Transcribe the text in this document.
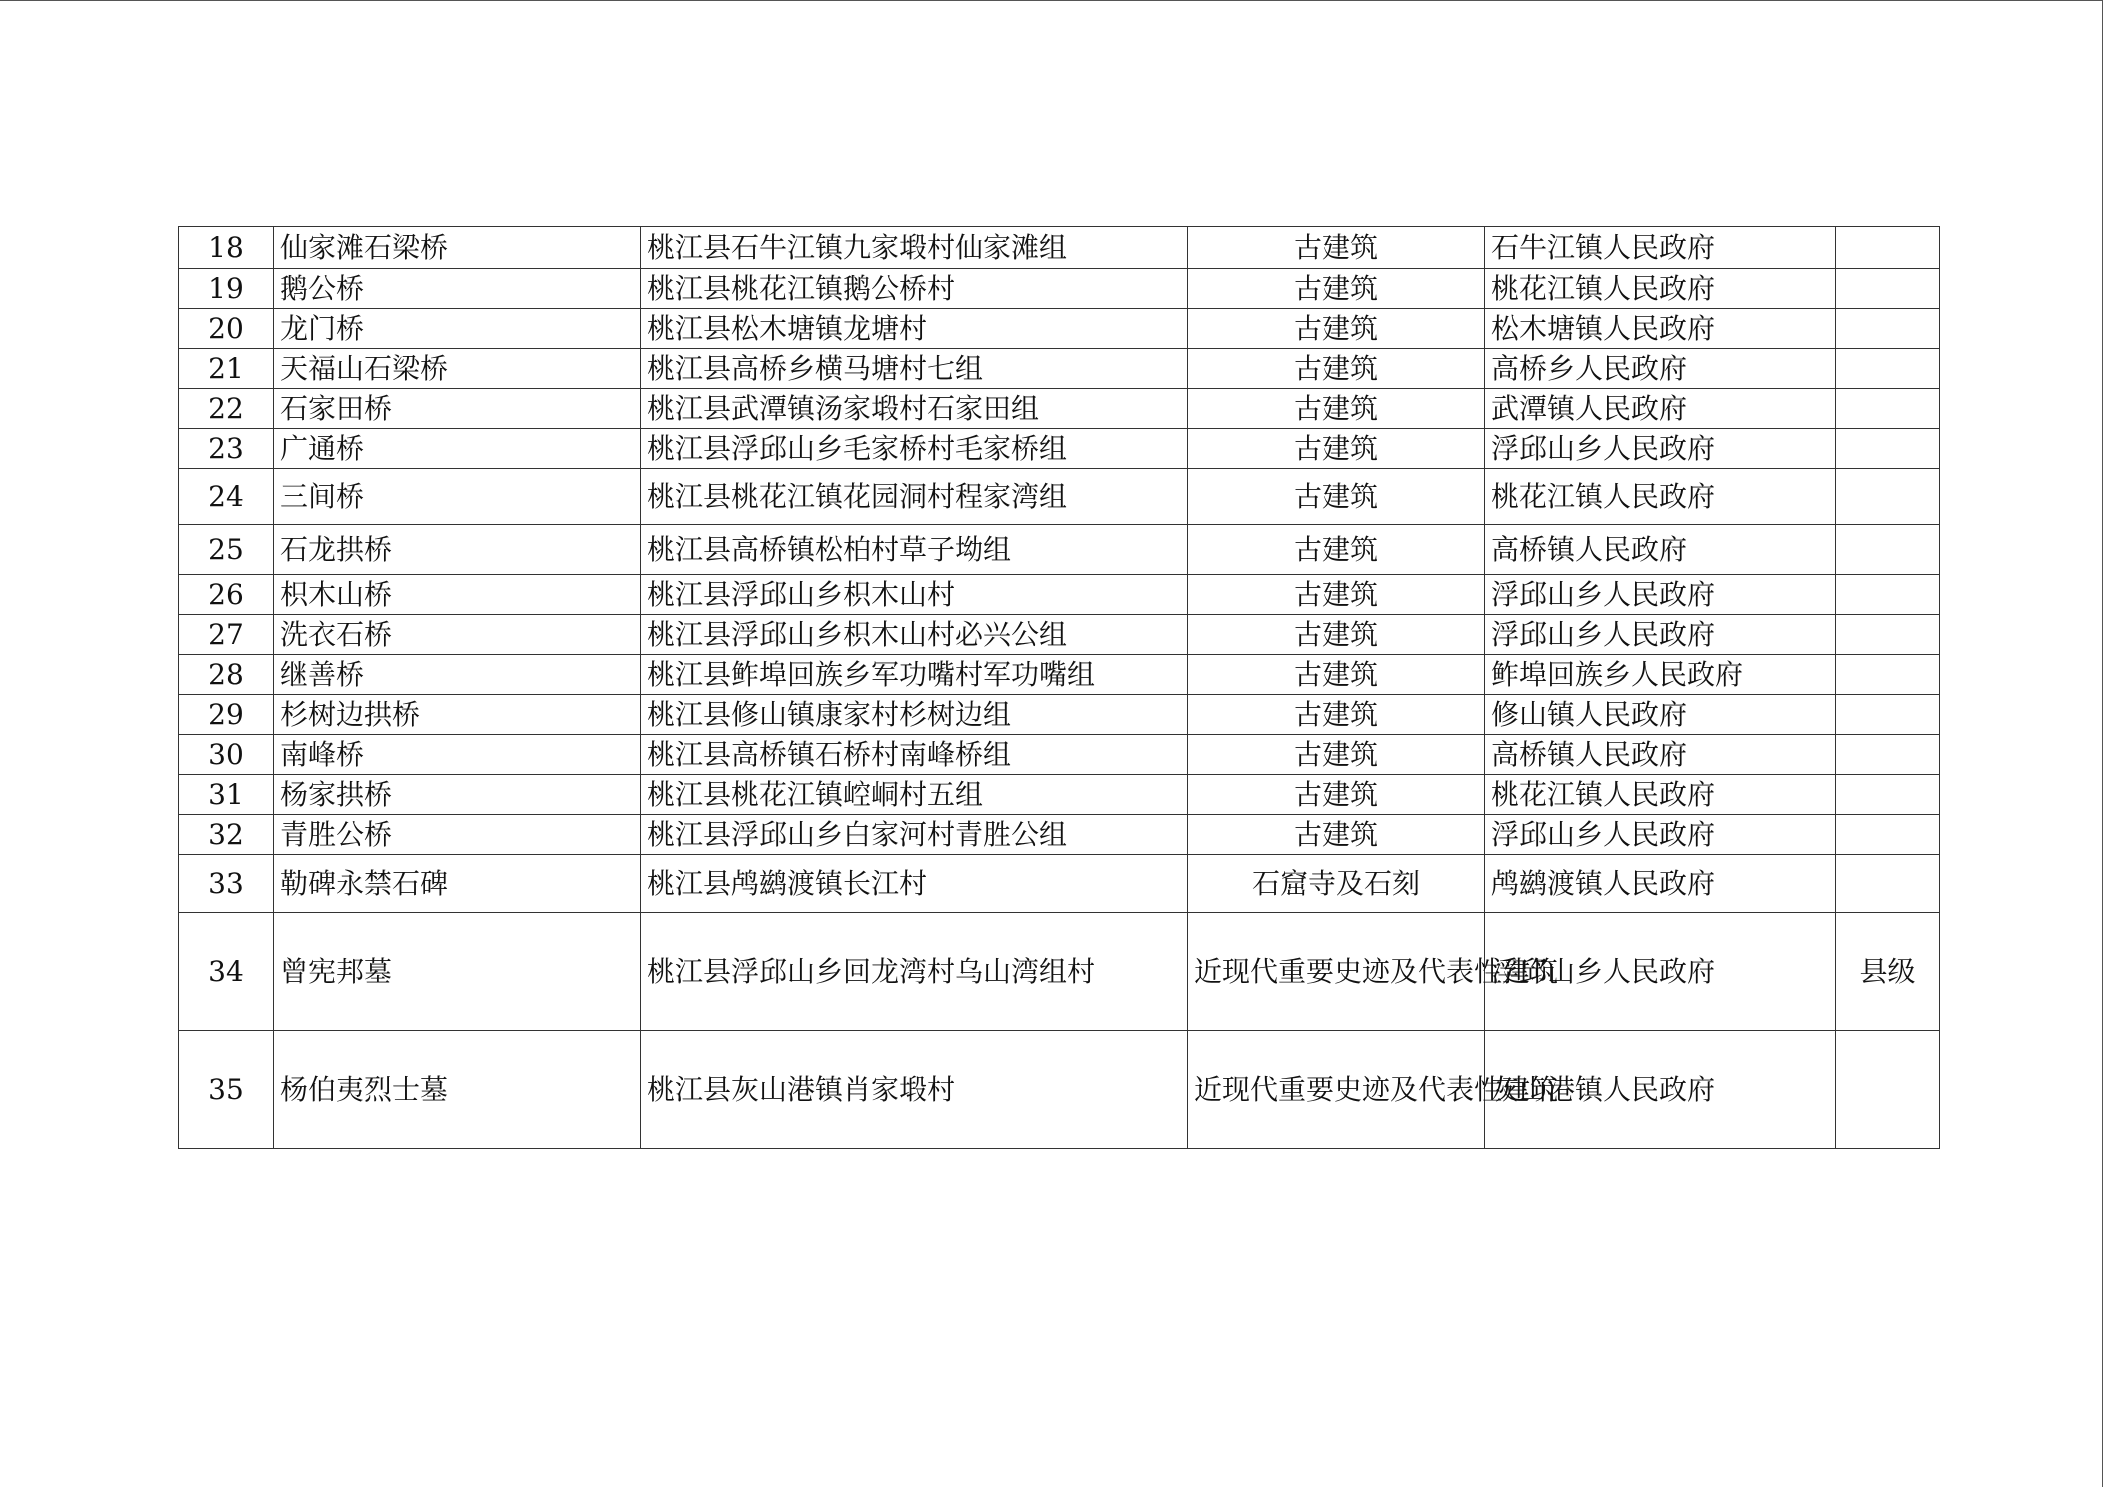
18	仙家滩石梁桥	桃江县石牛江镇九家塅村仙家滩组	古建筑	石牛江镇人民政府	
19	鹅公桥	桃江县桃花江镇鹅公桥村	古建筑	桃花江镇人民政府	
20	龙门桥	桃江县松木塘镇龙塘村	古建筑	松木塘镇人民政府	
21	天福山石梁桥	桃江县高桥乡横马塘村七组	古建筑	高桥乡人民政府	
22	石家田桥	桃江县武潭镇汤家塅村石家田组	古建筑	武潭镇人民政府	
23	广通桥	桃江县浮邱山乡毛家桥村毛家桥组	古建筑	浮邱山乡人民政府	
24	三间桥	桃江县桃花江镇花园洞村程家湾组	古建筑	桃花江镇人民政府	
25	石龙拱桥	桃江县高桥镇松柏村草子坳组	古建筑	高桥镇人民政府	
26	枳木山桥	桃江县浮邱山乡枳木山村	古建筑	浮邱山乡人民政府	
27	洗衣石桥	桃江县浮邱山乡枳木山村必兴公组	古建筑	浮邱山乡人民政府	
28	继善桥	桃江县鲊埠回族乡军功嘴村军功嘴组	古建筑	鲊埠回族乡人民政府	
29	杉树边拱桥	桃江县修山镇康家村杉树边组	古建筑	修山镇人民政府	
30	南峰桥	桃江县高桥镇石桥村南峰桥组	古建筑	高桥镇人民政府	
31	杨家拱桥	桃江县桃花江镇崆峒村五组	古建筑	桃花江镇人民政府	
32	青胜公桥	桃江县浮邱山乡白家河村青胜公组	古建筑	浮邱山乡人民政府	
33	勒碑永禁石碑	桃江县鸬鹚渡镇长江村	石窟寺及石刻	鸬鹚渡镇人民政府	
34	曾宪邦墓	桃江县浮邱山乡回龙湾村乌山湾组村	近现代重要史迹及代表性建筑	浮邱山乡人民政府	县级
35	杨伯夷烈士墓	桃江县灰山港镇肖家塅村	近现代重要史迹及代表性建筑	灰山港镇人民政府	
